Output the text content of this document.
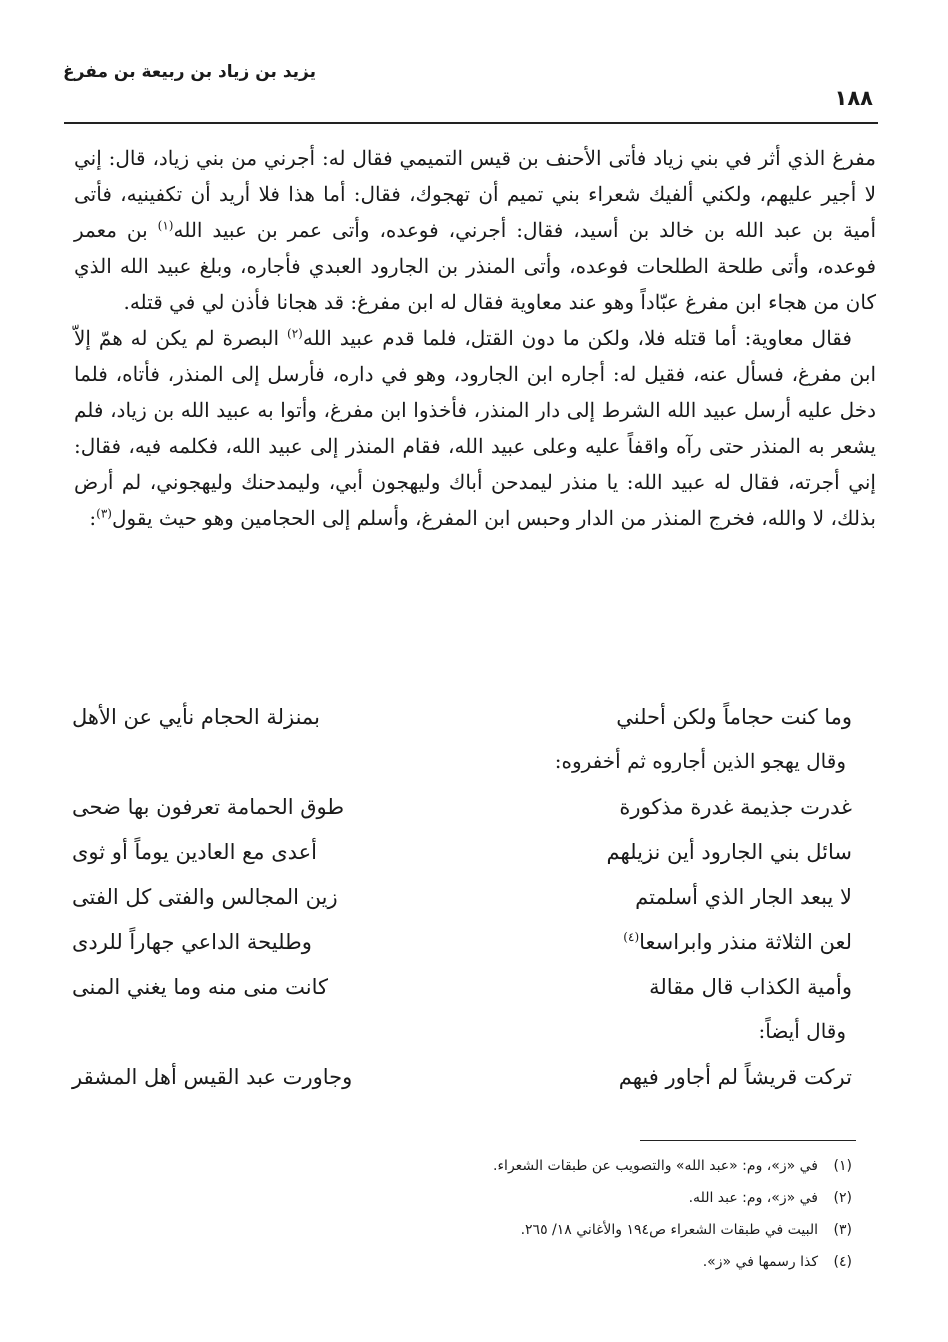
يزيد بن زياد بن ربيعة بن مفرغ
١٨٨

مفرغ الذي أثر في بني زياد فأتى الأحنف بن قيس التميمي فقال له: أجرني من بني زياد، قال: إني لا أجير عليهم، ولكني ألفيك شعراء بني تميم أن تهجوك، فقال: أما هذا فلا أريد أن تكفينيه، فأتى أمية بن عبد الله بن خالد بن أسيد، فقال: أجرني، فوعده، وأتى عمر بن عبيد الله$^{(١)}$ بن معمر فوعده، وأتى طلحة الطلحات فوعده، وأتى المنذر بن الجارود العبدي فأجاره، وبلغ عبيد الله الذي كان من هجاء ابن مفرغ عبّاداً وهو عند معاوية فقال له ابن مفرغ: قد هجانا فأذن لي في قتله.

فقال معاوية: أما قتله فلا، ولكن ما دون القتل، فلما قدم عبيد الله$^{(٢)}$ البصرة لم يكن له همّ إلاّ ابن مفرغ، فسأل عنه، فقيل له: أجاره ابن الجارود، وهو في داره، فأرسل إلى المنذر، فأتاه، فلما دخل عليه أرسل عبيد الله الشرط إلى دار المنذر، فأخذوا ابن مفرغ، وأتوا به عبيد الله بن زياد، فلم يشعر به المنذر حتى رآه واقفاً عليه وعلى عبيد الله، فقام المنذر إلى عبيد الله، فكلمه فيه، فقال: إني أجرته، فقال له عبيد الله: يا منذر ليمدحن أباك وليهجون أبي، وليمدحنك وليهجوني، لم أرض بذلك، لا والله، فخرج المنذر من الدار وحبس ابن المفرغ، وأسلم إلى الحجامين وهو حيث يقول$^{(٣)}$:

وما كنت حجاماً ولكن أحلني
بمنزلة الحجام نأيي عن الأهل
وقال يهجو الذين أجاروه ثم أخفروه:
غدرت جذيمة غدرة مذكورة
طوق الحمامة تعرفون بها ضحى
سائل بني الجارود أين نزيلهم
أعدى مع العادين يوماً أو ثوى
لا يبعد الجار الذي أسلمتم
زين المجالس والفتى كل الفتى
لعن الثلاثة منذر وابراسعا$^{(٤)}$
وطليحة الداعي جهاراً للردى
وأمية الكذاب قال مقالة
كانت منى منه وما يغني المنى
وقال أيضاً:
تركت قريشاً لم أجاور فيهم
وجاورت عبد القيس أهل المشقر
(١)
في «ز»، وم: «عبد الله» والتصويب عن طبقات الشعراء.
(٢)
في «ز»، وم: عبد الله.
(٣)
البيت في طبقات الشعراء ص١٩٤ والأغاني ١٨/ ٢٦٥.
(٤)
كذا رسمها في «ز».
